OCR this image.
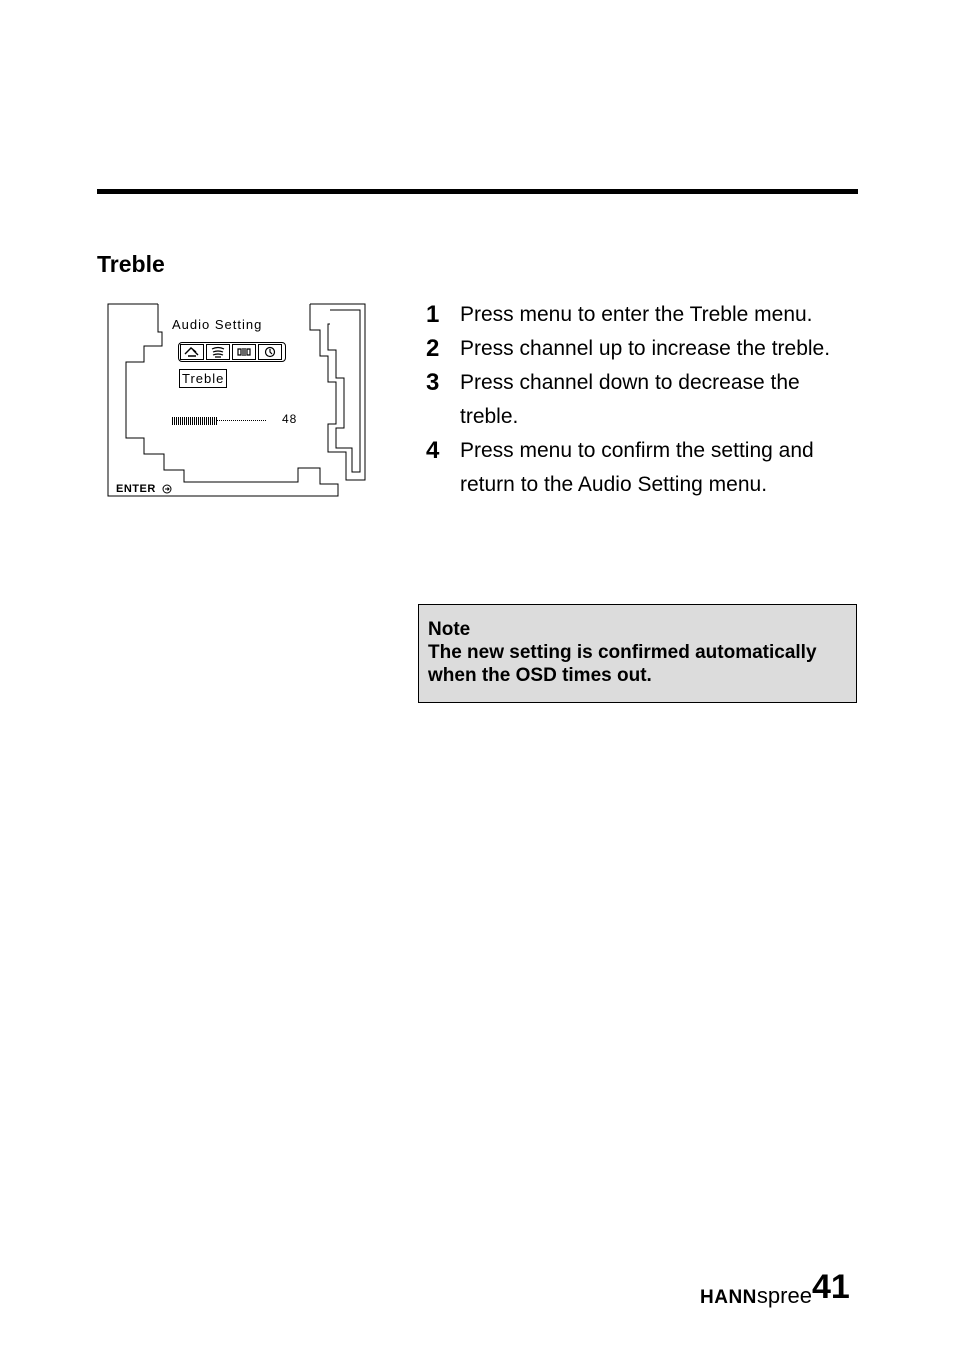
Treble
Audio Setting
Treble
48
ENTER
1 Press menu to enter the Treble menu.
2 Press channel up to increase the treble.
3 Press channel down to decrease the treble.
4 Press menu to confirm the setting and return to the Audio Setting menu.
Note
The new setting is confirmed automatically when the OSD times out.
HANN spree 41
